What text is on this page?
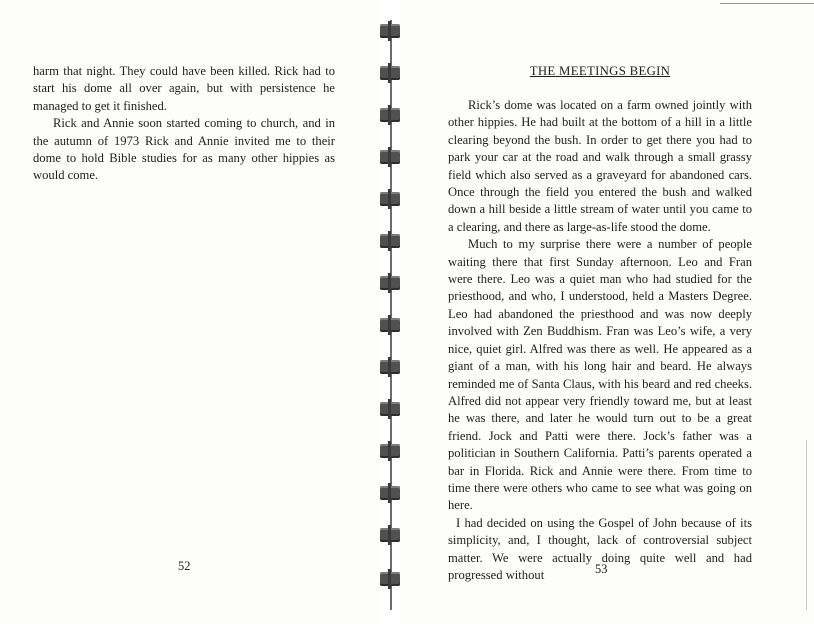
harm that night. They could have been killed. Rick had to start his dome all over again, but with persistence he managed to get it finished.

Rick and Annie soon started coming to church, and in the autumn of 1973 Rick and Annie invited me to their dome to hold Bible studies for as many other hippies as would come.

52
THE MEETINGS BEGIN

Rick’s dome was located on a farm owned jointly with other hippies. He had built at the bottom of a hill in a little clearing beyond the bush. In order to get there you had to park your car at the road and walk through a small grassy field which also served as a graveyard for abandoned cars. Once through the field you entered the bush and walked down a hill beside a little stream of water until you came to a clearing, and there as large-as-life stood the dome.

Much to my surprise there were a number of people waiting there that first Sunday afternoon. Leo and Fran were there. Leo was a quiet man who had studied for the priesthood, and who, I understood, held a Masters Degree. Leo had abandoned the priesthood and was now deeply involved with Zen Buddhism. Fran was Leo’s wife, a very nice, quiet girl. Alfred was there as well. He appeared as a giant of a man, with his long hair and beard. He always reminded me of Santa Claus, with his beard and red cheeks. Alfred did not appear very friendly toward me, but at least he was there, and later he would turn out to be a great friend. Jock and Patti were there. Jock’s father was a politician in Southern California. Patti’s parents operated a bar in Florida. Rick and Annie were there. From time to time there were others who came to see what was going on here.

I had decided on using the Gospel of John because of its simplicity, and, I thought, lack of controversial subject matter. We were actually doing quite well and had progressed without	53
